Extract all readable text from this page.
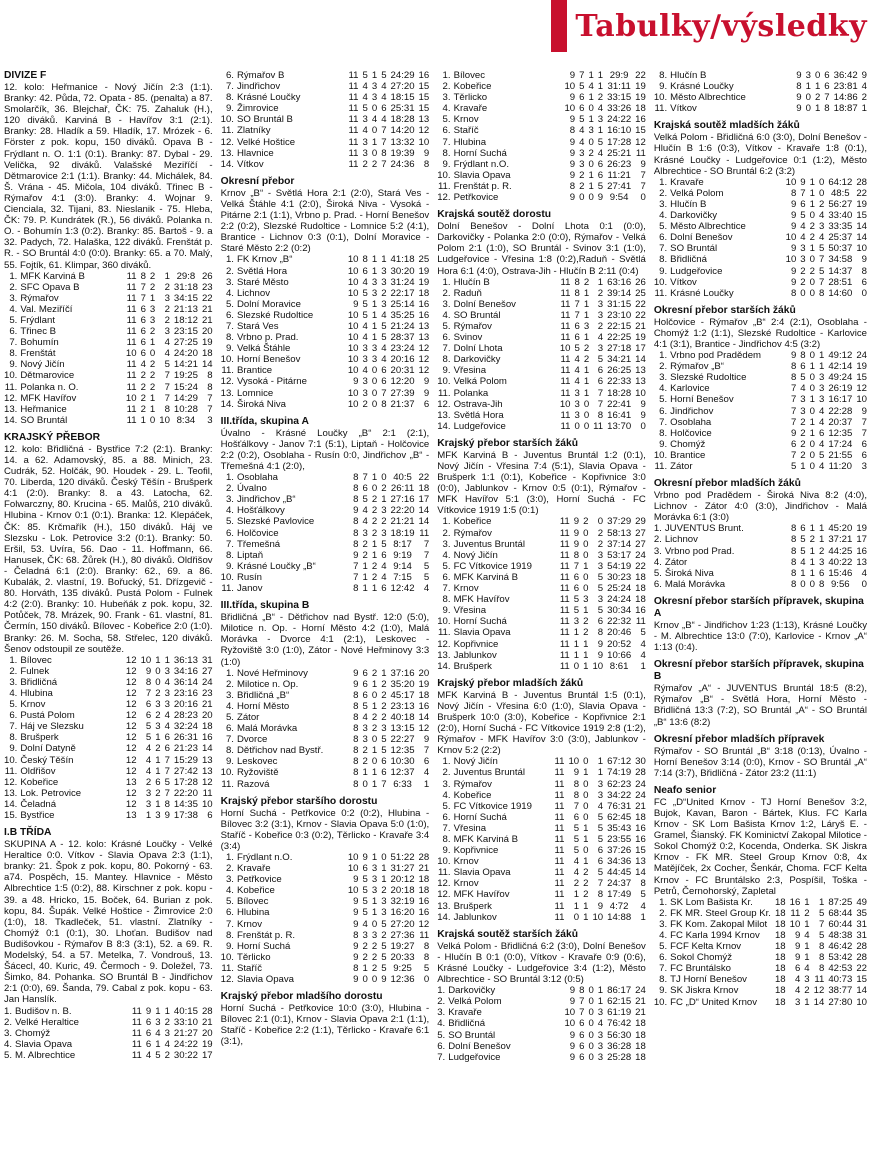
Tabulky/výsledky
DIVIZE F
12. kolo: Heřmanice - Nový Jičín 2:3 (1:1). Branky: 42. Půda, 72. Opata - 85. (penalta) a 87. Smolarčík, 36. Blejchař, ČK: 75. Zahaluk (H.), 120 diváků. Karviná B - Havířov 3:1 (2:1). Branky: 28. Hladík a 59. Hladík, 17. Mrózek - 6. Förster z pok. kopu, 150 diváků. Opava B - Frýdlant n. O. 1:1 (0:1). Branky: 87. Dybal - 29. Velička, 92 diváků. Valašské Meziříčí - Dětmarovice 2:1 (1:1). Branky: 44. Michálek, 84. Š. Vrána - 45. Mičola, 104 diváků. Třinec B - Rýmařov 4:1 (3:0). Branky: 4. Wojnar 9. Cienciala, 32. Tijani, 83. Nieslanik - 75. Hleba, ČK: 79. P. Kundrátek (R.), 56 diváků. Polanka n. O. - Bohumín 1:3 (0:2). Branky: 85. Bartoš - 9. a 32. Padych, 72. Halaška, 122 diváků. Frenštát p. R. - SO Bruntál 4:0 (0:0). Branky: 65. a 70. Malý, 55. Fojtík, 61. Klimpar, 360 diváků.
1.	MFK Karviná B	11	8	2	1	29:8	26
2.	SFC Opava B	11	7	2	2	31:18	23
3.	Rýmařov	11	7	1	3	34:15	22
4.	Val. Meziříčí	11	6	3	2	21:13	21
5.	Frýdlant	11	6	3	2	18:12	21
6.	Třinec B	11	6	2	3	23:15	20
7.	Bohumín	11	6	1	4	27:25	19
8.	Frenštát	10	6	0	4	24:20	18
9.	Nový Jičín	11	4	2	5	14:21	14
10.	Dětmarovice	11	2	2	7	19:25	8
11.	Polanka n. O.	11	2	2	7	15:24	8
12.	MFK Havířov	10	2	1	7	14:29	7
13.	Heřmanice	11	2	1	8	10:28	7
14.	SO Bruntál	11	1	0	10	8:34	3
KRAJSKÝ PŘEBOR
12. kolo: Břidličná - Bystřice 7:2 (2:1). Branky: 14. a 62. Adamovský, 85. a 88. Minich, 23. Cudrák, 52. Holčák, 90. Houdek - 29. L. Teofil, 70. Liberda, 120 diváků. Český Těšín - Brušperk 4:1 (2:0). Branky: 8. a 43. Latocha, 62. Folwarczny, 80. Krucina - 65. Malůš, 210 diváků. Hlubina - Krnov 0:1 (0:1). Branka: 12. Klepáček, ČK: 85. Krčmařík (H.), 150 diváků. Háj ve Slezsku - Lok. Petrovice 3:2 (0:1). Branky: 50. Eršil, 53. Uvíra, 56. Dao - 11. Hoffmann, 66. Hanusek, ČK: 68. Žůrek (H.), 80 diváků. Oldřišov - Čeladná 6:1 (2:0). Branky: 62., 69. a 86. Kubalák, 2. vlastní, 19. Bořucký, 51. Dřízgevič - 80. Horváth, 135 diváků. Pustá Polom - Fulnek 4:2 (2:0). Branky: 10. Hubeňák z pok. kopu, 32. Potůček, 78. Mrázek, 90. Frank - 61. vlastní, 81. Čermín, 150 diváků. Bílovec - Kobeřice 2:0 (1:0). Branky: 26. M. Socha, 58. Střelec, 120 diváků. Šenov odstoupil ze soutěže.
1.	Bílovec	12	10	1	1	36:13	31
2.	Fulnek	12	9	0	3	34:16	27
3.	Břidličná	12	8	0	4	36:14	24
4.	Hlubina	12	7	2	3	23:16	23
5.	Krnov	12	6	3	3	20:16	21
6.	Pustá Polom	12	6	2	4	28:23	20
7.	Háj ve Slezsku	12	5	3	4	32:24	18
8.	Brušperk	12	5	1	6	26:31	16
9.	Dolní Datyně	12	4	2	6	21:23	14
10.	Český Těšín	12	4	1	7	15:29	13
11.	Oldřišov	12	4	1	7	27:42	13
12.	Kobeřice	13	2	6	5	17:28	12
13.	Lok. Petrovice	12	3	2	7	22:20	11
14.	Čeladná	12	3	1	8	14:35	10
15.	Bystřice	13	1	3	9	17:38	6
I.B TŘÍDA
SKUPINA A - 12. kolo: Krásné Loučky - Velké Heraltice 0:0. Vítkov - Slavia Opava 2:3 (1:1), branky: 21. Špok z pok. kopu, 80. Pokorný - 63. a74. Pospěch, 15. Mantey. Hlavnice - Město Albrechtice 1:5 (0:2), 88. Kirschner z pok. kopu - 39. a 48. Hricko, 15. Boček, 64. Burian z pok. kopu, 84. Šupák. Velké Hoštice - Žimrovice 2:0 (1:0), 18. Tkadleček, 51. vlastní. Zlatníky - Chomýž 0:1 (0:1), 30. Lhoťan. Budišov nad Budišovkou - Rýmařov B 8:3 (3:1), 52. a 69. R. Modelský, 54. a 57. Metelka, 7. Vondrouš, 13. Šácecl, 40. Kuric, 49. Čermoch - 9. Doležel, 73. Šimko, 84. Pohanka. SO Bruntál B - Jindřichov 2:1 (0:0), 69. Šanda, 79. Cabal z pok. kopu - 63. Jan Hanslík.
1.	Budišov n. B.	11	9	1	1	40:15	28
2.	Velké Heraltice	11	6	3	2	33:10	21
3.	Chomýž	11	6	4	3	21:27	20
4.	Slavia Opava	11	6	1	4	24:22	19
5.	M. Albrechtice	11	4	5	2	30:22	17
6.	Rýmařov B	11	5	1	5	24:29	16
7.	Jindřichov	11	4	3	4	27:20	15
8.	Krásné Loučky	11	4	3	4	18:15	15
9.	Žimrovice	11	5	0	6	25:31	15
10.	SO Bruntál B	11	3	4	4	18:28	13
11.	Zlatníky	11	4	0	7	14:20	12
12.	Velké Hoštice	11	3	1	7	13:32	10
13.	Hlavnice	11	3	0	8	19:39	9
14.	Vítkov	11	2	2	7	24:36	8
Okresní přebor
Krnov „B“ - Světlá Hora 2:1 (2:0), Stará Ves - Velká Štáhle 4:1 (2:0), Široká Niva - Vysoká - Pitárne 2:1 (1:1), Vrbno p. Prad. - Horní Benešov 2:2 (0:2), Slezské Rudoltice - Lomnice 5:2 (4:1), Brantice - Lichnov 0:3 (0:1), Dolní Moravice - Staré Město 2:2 (0:2)
1.	FK Krnov „B“	10	8	1	1	41:18	25
2.	Světlá Hora	10	6	1	3	30:20	19
3.	Staré Město	10	4	3	3	31:24	19
4.	Lichnov	10	5	3	2	22:17	18
5.	Dolní Moravice	9	5	1	3	25:14	16
6.	Slezské Rudoltice	10	5	1	4	35:25	16
7.	Stará Ves	10	4	1	5	21:24	13
8.	Vrbno p. Prad.	10	4	1	5	28:37	13
9.	Velká Štáhle	10	3	3	4	23:24	12
10.	Horní Benešov	10	3	3	4	20:16	12
11.	Brantice	10	4	0	6	20:31	12
12.	Vysoká - Pitárne	9	3	0	6	12:20	9
13.	Lomnice	10	3	0	7	27:39	9
14.	Široká Niva	10	2	0	8	21:37	6
III.třída, skupina A
Úvalno - Krásné Loučky „B“ 2:1 (2:1), Hošťálkovy - Janov 7:1 (5:1), Liptaň - Holčovice 2:2 (0:2), Osoblaha - Rusín 0:0, Jindřichov „B“ - Třemešná 4:1 (2:0),
1.	Osoblaha	8	7	1	0	40:5	22
2.	Úvalno	8	6	0	2	26:11	18
3.	Jindřichov „B“	8	5	2	1	27:16	17
4.	Hošťálkovy	9	4	2	3	22:20	14
5.	Slezské Pavlovice	8	4	2	2	21:21	14
6.	Holčovice	8	3	2	3	18:19	11
7.	Třemešná	8	2	1	5	8:17	7
8.	Liptaň	9	2	1	6	9:19	7
9.	Krásné Loučky „B“	7	1	2	4	9:14	5
10.	Rusín	7	1	2	4	7:15	5
11.	Janov	8	1	1	6	12:42	4
III.třída, skupina B
Břidličná „B“ - Dětřichov nad Bystř. 12:0 (5:0), Milotice n. Op. - Horní Město 4:2 (1:0), Malá Morávka - Dvorce 4:1 (2:1), Leskovec - Ryžoviště 3:0 (1:0), Zátor - Nové Heřminovy 3:3 (1:0)
1.	Nové Heřminovy	9	6	2	1	37:16	20
2.	Milotice n. Op.	9	6	1	2	35:20	19
3.	Břidličná „B“	8	6	0	2	45:17	18
4.	Horní Město	8	5	1	2	23:13	16
5.	Zátor	8	4	2	2	40:18	14
6.	Malá Morávka	8	3	2	3	13:15	12
7.	Dvorce	8	3	0	5	22:27	9
8.	Dětřichov nad Bystř.	8	2	1	5	12:35	7
9.	Leskovec	8	2	0	6	10:30	6
10.	Ryžoviště	8	1	1	6	12:37	4
11.	Razová	8	0	1	7	6:33	1
Krajský přebor staršího dorostu
Horní Suchá - Petřkovice 0:2 (0:2), Hlubina - Bílovec 3:2 (3:1), Krnov - Slavia Opava 5:0 (1:0), Staříč - Kobeřice 0:3 (0:2), Těrlicko - Kravaře 3:4 (3:4)
1.	Frýdlant n.O.	10	9	1	0	51:22	28
2.	Kravaře	10	6	3	1	31:27	21
3.	Petřkovice	9	5	3	1	20:12	18
4.	Kobeřice	10	5	3	2	20:18	18
5.	Bílovec	9	5	1	3	32:19	16
6.	Hlubina	9	5	1	3	16:20	16
7.	Krnov	9	4	0	5	27:20	12
8.	Frenštát p. R.	8	3	3	2	27:36	11
9.	Horní Suchá	9	2	2	5	19:27	8
10.	Těrlicko	9	2	2	5	20:33	8
11.	Staříč	8	1	2	5	9:25	5
12.	Slavia Opava	9	0	0	9	12:36	0
Krajský přebor mladšího dorostu
Horní Suchá - Petřkovice 10:0 (3:0), Hlubina - Bílovec 2:1 (0:1), Krnov - Slavia Opava 2:1 (1:1), Staříč - Kobeřice 2:2 (1:1), Těrlicko - Kravaře 6:1 (3:1),
1.	Bílovec	9	7	1	1	29:9	22
2.	Kobeřice	10	5	4	1	31:11	19
3.	Těrlicko	9	6	1	2	33:15	19
4.	Kravaře	10	6	0	4	33:26	18
5.	Krnov	9	5	1	3	24:22	16
6.	Staříč	8	4	3	1	16:10	15
7.	Hlubina	9	4	0	5	17:28	12
8.	Horní Suchá	9	3	2	4	25:21	11
9.	Frýdlant n.O.	9	3	0	6	26:23	9
10.	Slavia Opava	9	2	1	6	11:21	7
11.	Frenštát p. R.	8	2	1	5	27:41	7
12.	Petřkovice	9	0	0	9	9:54	0
Krajská soutěž dorostu
Dolní Benešov - Dolní Lhota 0:1 (0:0), Darkovičky - Polanka 2:0 (0:0), Rýmařov - Velká Polom 2:1 (1:0), SO Bruntál - Svinov 3:1 (1:0), Ludgeřovice - Vřesina 1:8 (0:2),Raduň - Světlá Hora 6:1 (4:0), Ostrava-Jih - Hlučín B 2:11 (0:4)
1.	Hlučín B	11	8	2	1	63:16	26
2.	Raduň	11	8	1	2	39:14	25
3.	Dolní Benešov	11	7	1	3	31:15	22
4.	SO Bruntál	11	7	1	3	23:10	22
5.	Rýmařov	11	6	3	2	22:15	21
6.	Svinov	11	6	1	4	22:25	19
7.	Dolní Lhota	10	5	2	3	27:18	17
8.	Darkovičky	11	4	2	5	34:21	14
9.	Vřesina	11	4	1	6	26:25	13
10.	Velká Polom	11	4	1	6	22:33	13
11.	Polanka	11	3	1	7	18:28	10
12.	Ostrava-Jih	10	3	0	7	22:41	9
13.	Světlá Hora	11	3	0	8	16:41	9
14.	Ludgeřovice	11	0	0	11	13:70	0
Krajský přebor starších žáků
MFK Karviná B - Juventus Bruntál 1:2 (0:1), Nový Jičín - Vřesina 7:4 (5:1), Slavia Opava - Brušperk 1:1 (0:1), Kobeřice - Kopřivnice 3:0 (0:0), Jablunkov - Krnov 0:5 (0:1), Rýmařov - MFK Havířov 5:1 (3:0), Horní Suchá - FC Vítkovice 1919 1:5 (0:1)
1.	Kobeřice	11	9	2	0	37:29	29
2.	Rýmařov	11	9	0	2	58:13	27
3.	Juventus Bruntál	11	9	0	2	37:14	27
4.	Nový Jičín	11	8	0	3	53:17	24
5.	FC Vítkovice 1919	11	7	1	3	54:19	22
6.	MFK Karviná B	11	6	0	5	30:23	18
7.	Krnov	11	6	0	5	25:24	18
8.	MFK Havířov	11	5	3	3	24:24	18
9.	Vřesina	11	5	1	5	30:34	16
10.	Horní Suchá	11	3	2	6	22:32	11
11.	Slavia Opava	11	1	2	8	20:46	5
12.	Kopřivnice	11	1	1	9	20:52	4
13.	Jablunkov	11	1	1	9	10:66	4
14.	Brušperk	11	0	1	10	8:61	1
Krajský přebor mladších žáků
MFK Karviná B - Juventus Bruntál 1:5 (0:1), Nový Jičín - Vřesina 6:0 (1:0), Slavia Opava - Brušperk 10:0 (3:0), Kobeřice - Kopřivnice 2:1 (2:0), Horní Suchá - FC Vítkovice 1919 2:8 (1:2), Rýmařov - MFK Havířov 3:0 (3:0), Jablunkov - Krnov 5:2 (2:2)
1.	Nový Jičín	11	10	0	1	67:12	30
2.	Juventus Bruntál	11	9	1	1	74:19	28
3.	Rýmařov	11	8	0	3	62:23	24
4.	Kobeřice	11	8	0	3	34:22	24
5.	FC Vítkovice 1919	11	7	0	4	76:31	21
6.	Horní Suchá	11	6	0	5	62:45	18
7.	Vřesina	11	5	1	5	35:43	16
8.	MFK Karviná B	11	5	1	5	23:55	16
9.	Kopřivnice	11	5	0	6	37:26	15
10.	Krnov	11	4	1	6	34:36	13
11.	Slavia Opava	11	4	2	5	44:45	14
12.	Krnov	11	2	2	7	24:37	8
12.	MFK Havířov	11	1	2	8	17:49	5
13.	Brušperk	11	1	1	9	4:72	4
14.	Jablunkov	11	0	1	10	14:88	1
Krajská soutěž starších žáků
Velká Polom - Břidličná 6:2 (3:0), Dolní Benešov - Hlučín B 0:1 (0:0), Vítkov - Kravaře 0:9 (0:6), Krásné Loučky - Ludgeřovice 3:4 (1:2), Město Albrechtice - SO Bruntál 3:12 (0:5)
1.	Darkovičky	9	8	0	1	86:17	24
2.	Velká Polom	9	7	0	1	62:15	21
3.	Kravaře	10	7	0	3	61:19	21
4.	Břidličná	10	6	0	4	76:42	18
5.	SO Bruntál	9	6	0	3	56:30	18
6.	Dolní Benešov	9	6	0	3	36:28	18
7.	Ludgeřovice	9	6	0	3	25:28	18
8.	Hlučín B	9	3	0	6	36:42	9
9.	Krásné Loučky	8	1	1	6	23:81	4
10.	Město Albrechtice	9	0	2	7	14:86	2
11.	Vítkov	9	0	1	8	18:87	1
Krajská soutěž mladších žáků
Velká Polom - Břidličná 6:0 (3:0), Dolní Benešov - Hlučín B 1:6 (0:3), Vítkov - Kravaře 1:8 (0:1), Krásné Loučky - Ludgeřovice 0:1 (1:2), Město Albrechtice - SO Bruntál 6:2 (3:2)
1.	Kravaře	10	9	1	0	64:12	28
2.	Velká Polom	8	7	1	0	48:5	22
3.	Hlučín B	9	6	1	2	56:27	19
4.	Darkovičky	9	5	0	4	33:40	15
5.	Město Albrechtice	9	4	2	3	33:35	14
6.	Dolní Benešov	10	4	2	4	25:37	14
7.	SO Bruntál	9	3	1	5	50:37	10
8.	Břidličná	10	3	0	7	34:58	9
9.	Ludgeřovice	9	2	2	5	14:37	8
10.	Vítkov	9	2	0	7	28:51	6
11.	Krásné Loučky	8	0	0	8	14:60	0
Okresní přebor starších žáků
Holčovice - Rýmařov „B“ 2:4 (2:1), Osoblaha - Chomýž 1:2 (1:1), Slezské Rudoltice - Karlovice 4:1 (3:1), Brantice - Jindřichov 4:5 (3:2)
1.	Vrbno pod Pradědem	9	8	0	1	49:12	24
2.	Rýmařov „B“	8	6	1	1	42:14	19
3.	Slezské Rudoltice	8	5	0	3	49:24	15
4.	Karlovice	7	4	0	3	26:19	12
5.	Horní Benešov	7	3	1	3	16:17	10
6.	Jindřichov	7	3	0	4	22:28	9
7.	Osoblaha	7	2	1	4	20:37	7
8.	Holčovice	9	2	1	6	12:35	7
9.	Chomýž	6	2	0	4	17:24	6
10.	Brantice	7	2	0	5	21:55	6
11.	Zátor	5	1	0	4	11:20	3
Okresní přebor mladších žáků
Vrbno pod Pradědem - Široká Niva 8:2 (4:0), Lichnov - Zátor 4:0 (3:0), Jindřichov - Malá Morávka 6:1 (3:0)
1.	JUVENTUS Brunt.	8	6	1	1	45:20	19
2.	Lichnov	8	5	2	1	37:21	17
3.	Vrbno pod Prad.	8	5	1	2	44:25	16
4.	Zátor	8	4	1	3	40:22	13
5.	Široká Niva	8	1	1	6	15:46	4
6.	Malá Morávka	8	0	0	8	9:56	0
Okresní přebor starších přípravek, skupina A
Krnov „B“ - Jindřichov 1:23 (1:13), Krásné Loučky - M. Albrechtice 13:0 (7:0), Karlovice - Krnov „A“ 1:13 (0:4).
Okresní přebor starších přípravek, skupina B
Rýmařov „A“ - JUVENTUS Bruntál 18:5 (8:2), Rýmařov „B“ - Světlá Hora, Horní Město - Břidličná 13:3 (7:2), SO Bruntál „A“ - SO Bruntál „B“ 13:6 (8:2)
Okresní přebor mladších přípravek
Rýmařov - SO Bruntál „B“ 3:18 (0:13), Úvalno - Horní Benešov 3:14 (0:0), Krnov - SO Bruntál „A“ 7:14 (3:7), Břidličná - Zátor 23:2 (11:1)
Neafo senior
FC „D“United Krnov - TJ Horní Benešov 3:2, Bujok, Kavan, Baron - Bártek, Klus. FC Karla Krnov - SK Lom Bašista Krnov 1:2, Láryš E. - Gramel, Šianský. FK Kominictví Zakopal Milotice - Sokol Chomýž 0:2, Kocenda, Onderka. SK Jiskra Krnov - FK MR. Steel Group Krnov 0:8, 4x Matějíček, 2x Cocher, Šenkár, Choma. FCF Kelta Krnov - FC Bruntálsko 2:3, Pospíšil, Toška - Petrů, Černohorský, Zapletal
1.	SK Lom Bašista Kr.	18	16	1	1	87:25	49
2.	FK MR. Steel Group Kr.	18	11	2	5	68:44	35
3.	FK Kom. Zakopal Milot	18	10	1	7	60:44	31
4.	FC Karla 1994 Krnov	18	9	4	5	48:38	31
5.	FCF Kelta Krnov	18	9	1	8	46:42	28
6.	Sokol Chomýž	18	9	1	8	53:42	28
7.	FC Bruntálsko	18	6	4	8	42:53	22
8.	TJ Horní Benešov	18	4	3	11	40:73	15
9.	SK Jiskra Krnov	18	4	2	12	38:77	14
10.	FC „D“ United Krnov	18	3	1	14	27:80	10
